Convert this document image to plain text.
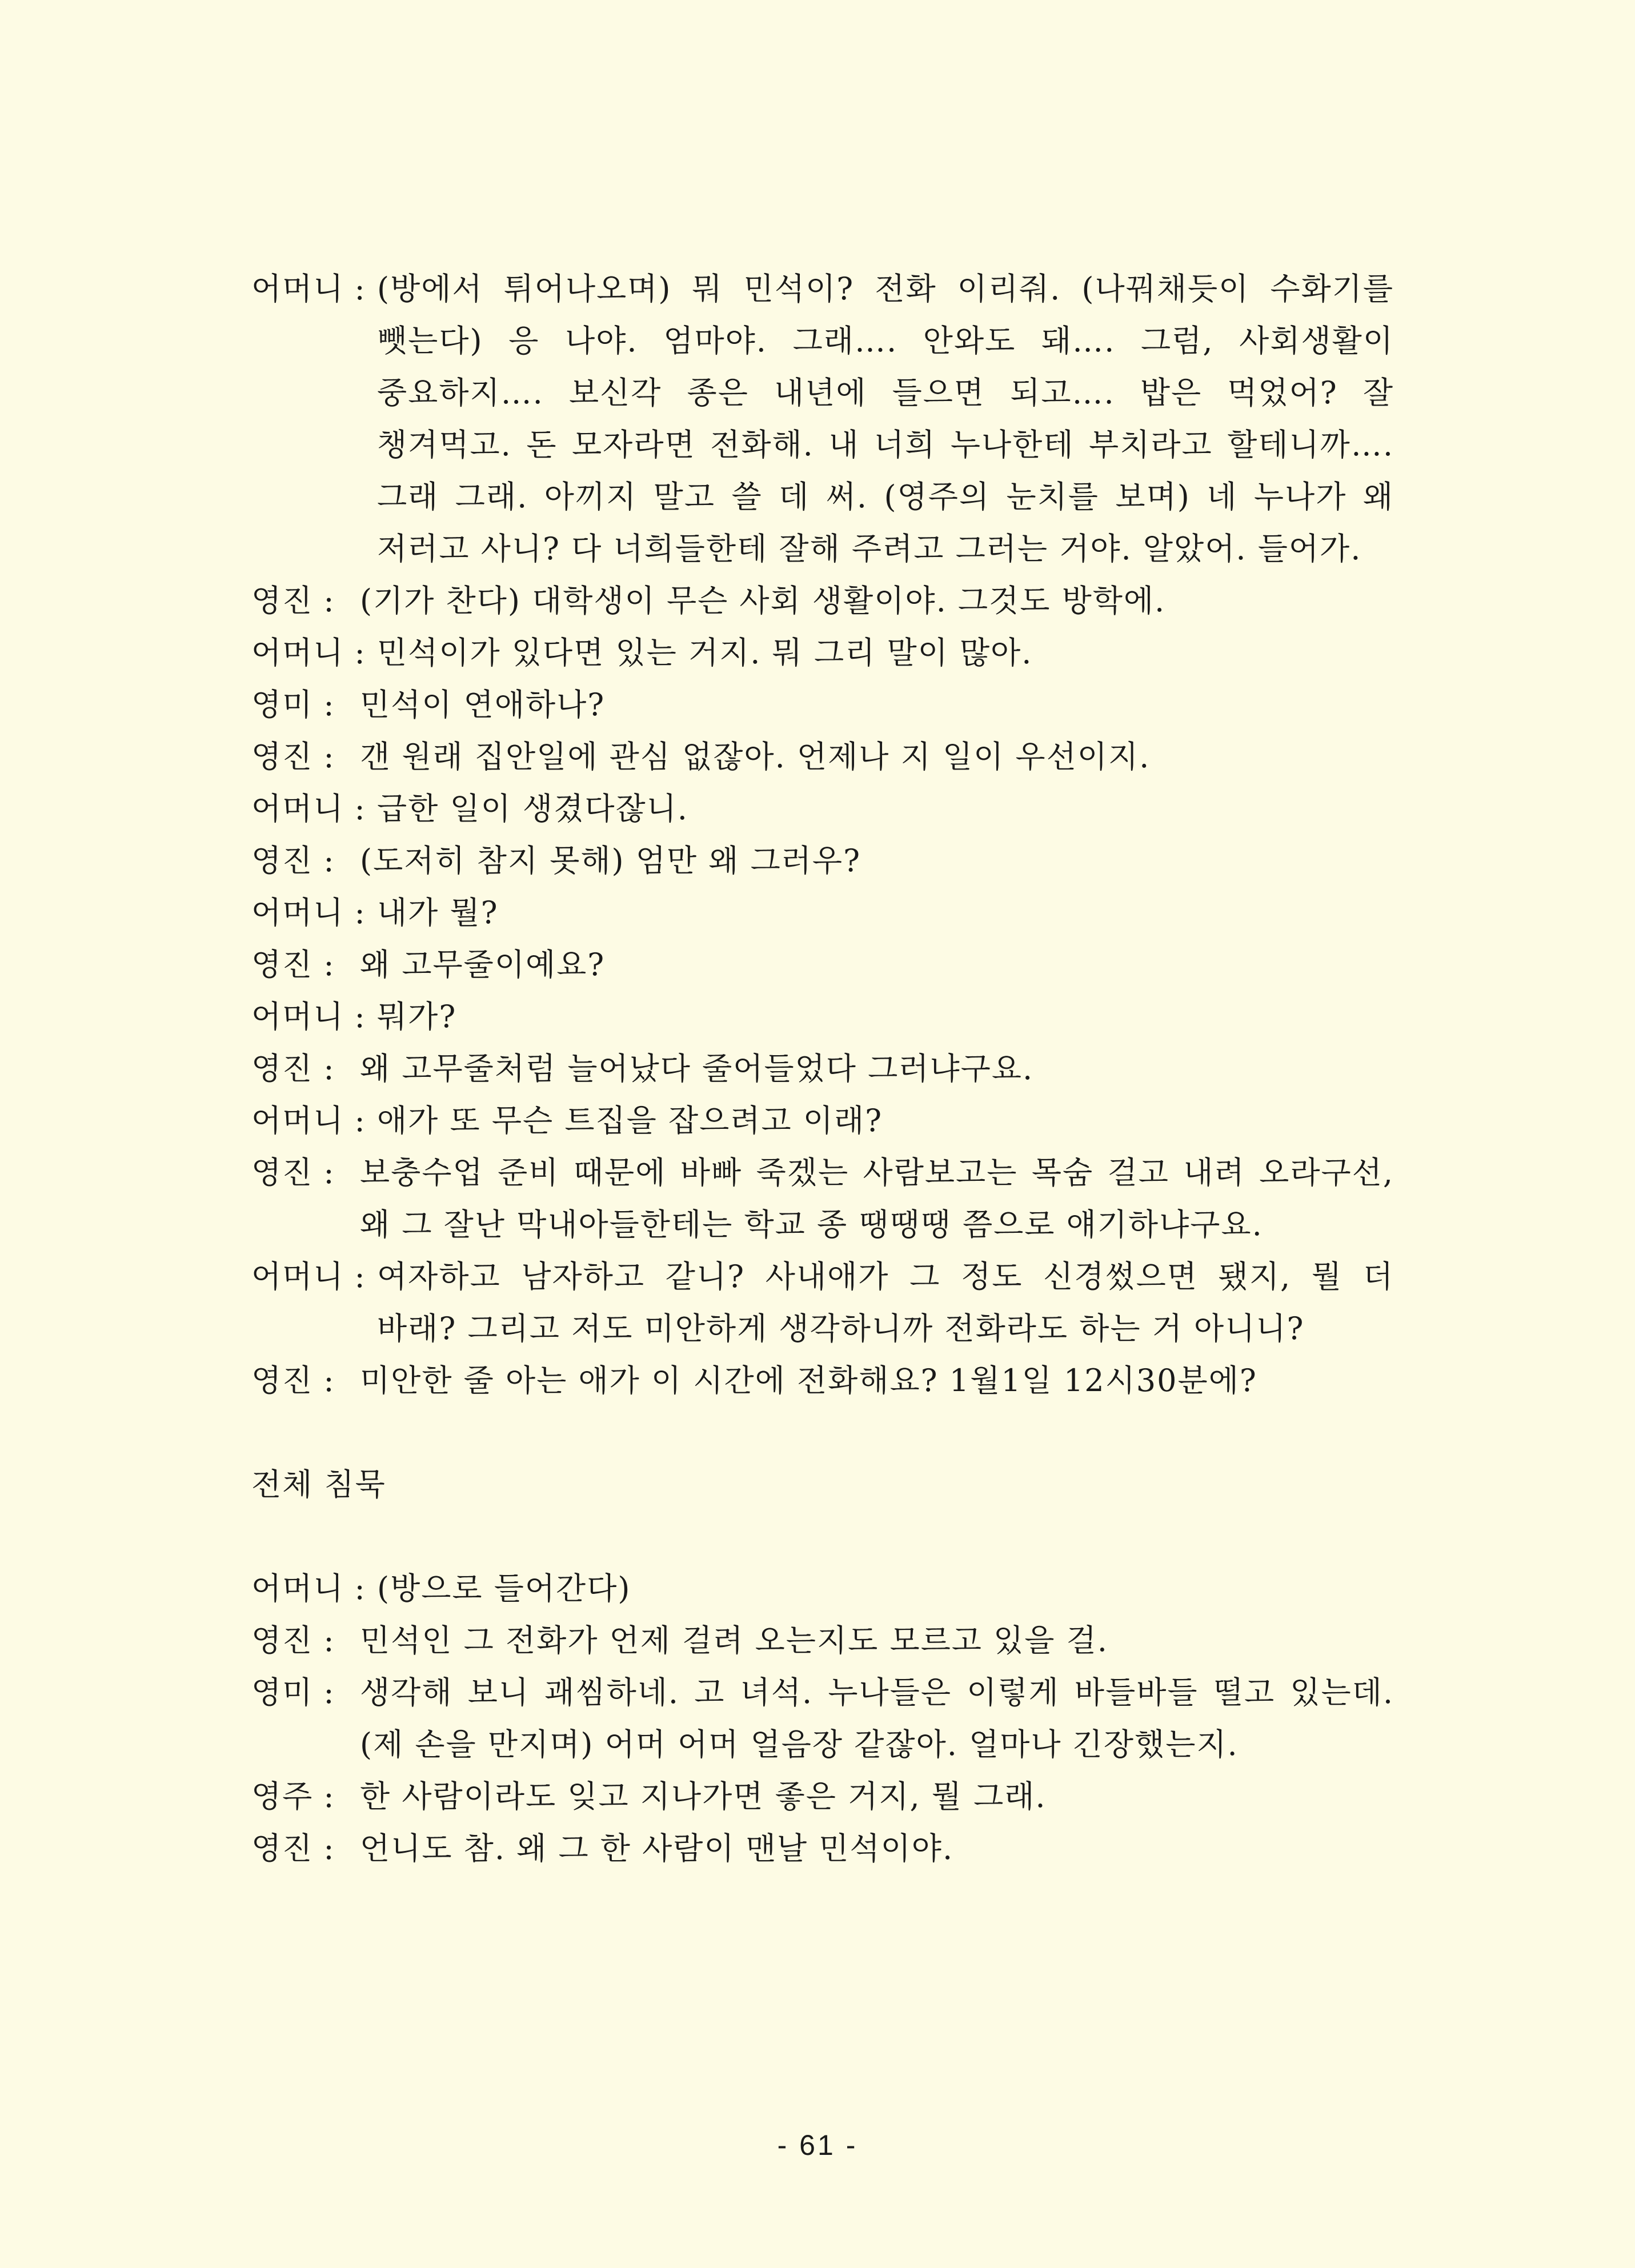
어머니 : (방에서 튀어나오며) 뭐 민석이? 전화 이리줘. (나꿔채듯이 수화기를 뺏는다) 응 나야. 엄마야. 그래…. 안와도 돼…. 그럼, 사회생활이 중요하지…. 보신각 종은 내년에 들으면 되고…. 밥은 먹었어? 잘 챙겨먹고. 돈 모자라면 전화해. 내 너희 누나한테 부치라고 할테니까…. 그래 그래. 아끼지 말고 쓸 데 써. (영주의 눈치를 보며) 네 누나가 왜 저러고 사니? 다 너희들한테 잘해 주려고 그러는 거야. 알았어. 들어가.
영진 : (기가 찬다) 대학생이 무슨 사회 생활이야. 그것도 방학에.
어머니 : 민석이가 있다면 있는 거지. 뭐 그리 말이 많아.
영미 : 민석이 연애하나?
영진 : 갠 원래 집안일에 관심 없잖아. 언제나 지 일이 우선이지.
어머니 : 급한 일이 생겼다잖니.
영진 : (도저히 참지 못해) 엄만 왜 그러우?
어머니 : 내가 뭘?
영진 : 왜 고무줄이예요?
어머니 : 뭐가?
영진 : 왜 고무줄처럼 늘어났다 줄어들었다 그러냐구요.
어머니 : 애가 또 무슨 트집을 잡으려고 이래?
영진 : 보충수업 준비 때문에 바빠 죽겠는 사람보고는 목숨 걸고 내려 오라구선, 왜 그 잘난 막내아들한테는 학교 종 땡땡땡 쯤으로 얘기하냐구요.
어머니 : 여자하고 남자하고 같니? 사내애가 그 정도 신경썼으면 됐지, 뭘 더 바래? 그리고 저도 미안하게 생각하니까 전화라도 하는 거 아니니?
영진 : 미안한 줄 아는 애가 이 시간에 전화해요? 1월1일 12시30분에?
전체 침묵
어머니 : (방으로 들어간다)
영진 : 민석인 그 전화가 언제 걸려 오는지도 모르고 있을 걸.
영미 : 생각해 보니 괘씸하네. 고 녀석. 누나들은 이렇게 바들바들 떨고 있는데. (제 손을 만지며) 어머 어머 얼음장 같잖아. 얼마나 긴장했는지.
영주 : 한 사람이라도 잊고 지나가면 좋은 거지, 뭘 그래.
영진 : 언니도 참. 왜 그 한 사람이 맨날 민석이야.
- 61 -
